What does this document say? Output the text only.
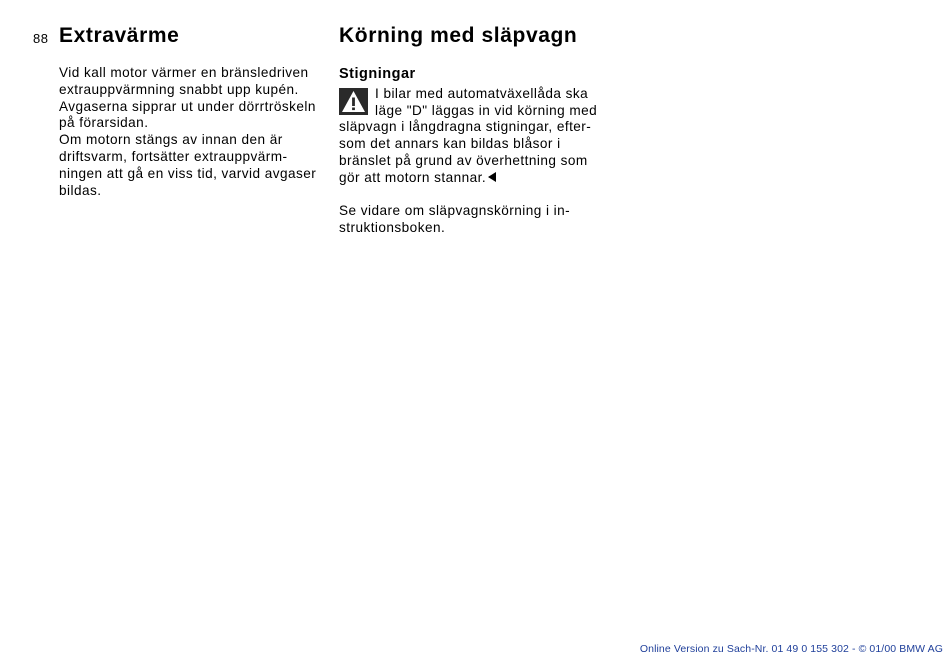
88 Extravärme
Vid kall motor värmer en bränsledriven
extrauppvärmning snabbt upp kupén.
Avgaserna sipprar ut under dörrtröskeln
på förarsidan.
Om motorn stängs av innan den är
driftsvarm, fortsätter extrauppvärm-
ningen att gå en viss tid, varvid avgaser
bildas.
Körning med släpvagn
Stigningar
I bilar med automatväxellåda ska
läge "D" läggas in vid körning med
släpvagn i långdragna stigningar, efter-
som det annars kan bildas blåsor i
bränslet på grund av överhettning som
gör att motorn stannar.
Se vidare om släpvagnskörning i in-
struktionsboken.
Online Version zu Sach-Nr. 01 49 0 155 302 - © 01/00 BMW AG
